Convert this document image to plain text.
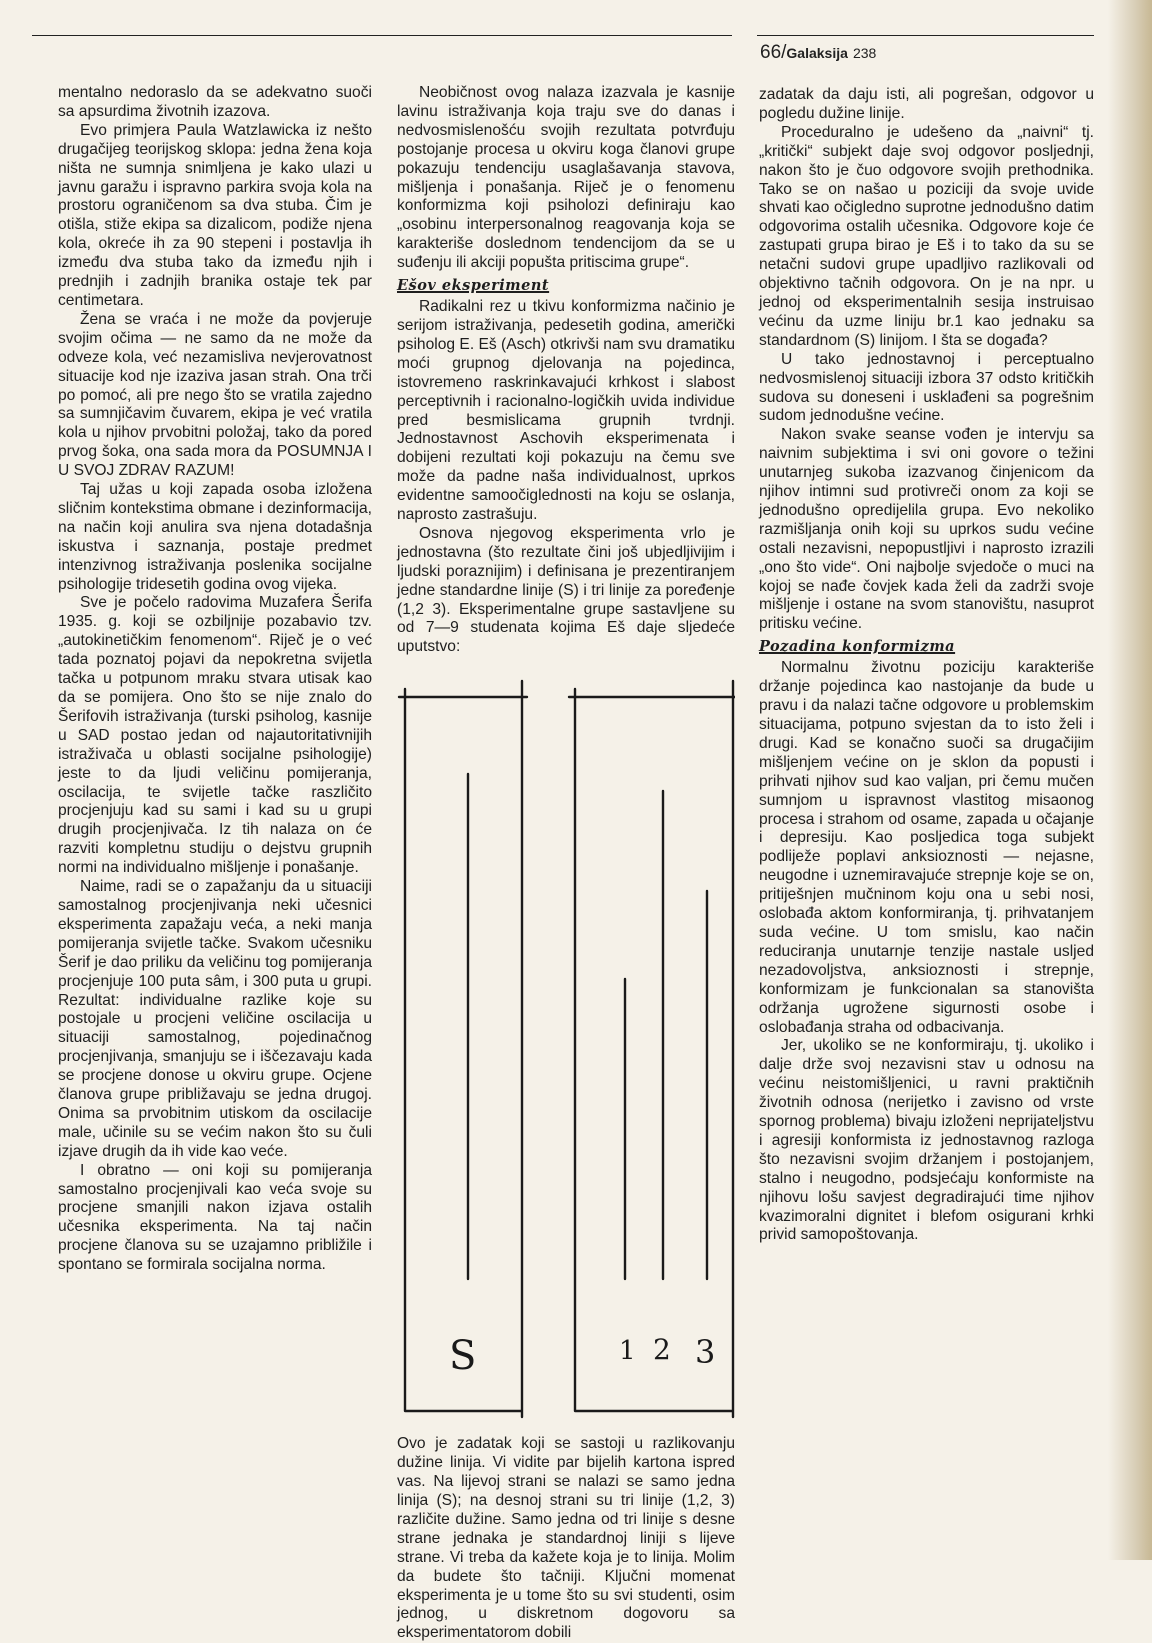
66/Galaksija 238

mentalno nedoraslo da se adekvatno suoči sa apsurdima životnih izazova.

Evo primjera Paula Watzlawicka iz nešto drugačijeg teorijskog sklopa: jedna žena koja ništa ne sumnja snimljena je kako ulazi u javnu garažu i ispravno parkira svoja kola na prostoru ograničenom sa dva stuba. Čim je otišla, stiže ekipa sa dizalicom, podiže njena kola, okreće ih za 90 stepeni i postavlja ih između dva stuba tako da između njih i prednjih i zadnjih branika ostaje tek par centimetara.

Žena se vraća i ne može da povjeruje svojim očima — ne samo da ne može da odveze kola, već nezamisliva nevjerovatnost situacije kod nje izaziva jasan strah. Ona trči po pomoć, ali pre nego što se vratila zajedno sa sumnjičavim čuvarem, ekipa je već vratila kola u njihov prvobitni položaj, tako da pored prvog šoka, ona sada mora da POSUMNJA I U SVOJ ZDRAV RAZUM!

Taj užas u koji zapada osoba izložena sličnim kontekstima obmane i dezinformacija, na način koji anulira sva njena dotadašnja iskustva i saznanja, postaje predmet intenzivnog istraživanja poslenika socijalne psihologije tridesetih godina ovog vijeka.

Sve je počelo radovima Muzafera Šerifa 1935. g. koji se ozbiljnije pozabavio tzv. „autokinetičkim fenomenom“. Riječ je o već tada poznatoj pojavi da nepokretna svijetla tačka u potpunom mraku stvara utisak kao da se pomijera. Ono što se nije znalo do Šerifovih istraživanja (turski psiholog, kasnije u SAD postao jedan od najautoritativnijih istraživača u oblasti socijalne psihologije) jeste to da ljudi veličinu pomijeranja, oscilacija, te svijetle tačke raszličito procjenjuju kad su sami i kad su u grupi drugih procjenjivača. Iz tih nalaza on će razviti kompletnu studiju o dejstvu grupnih normi na individualno mišljenje i ponašanje.

Naime, radi se o zapažanju da u situaciji samostalnog procjenjivanja neki učesnici eksperimenta zapažaju veća, a neki manja pomijeranja svijetle tačke. Svakom učesniku Šerif je dao priliku da veličinu tog pomijeranja procjenjuje 100 puta sâm, i 300 puta u grupi. Rezultat: individualne razlike koje su postojale u procjeni veličine oscilacija u situaciji samostalnog, pojedinačnog procjenjivanja, smanjuju se i iščezavaju kada se procjene donose u okviru grupe. Ocjene članova grupe približavaju se jedna drugoj. Onima sa prvobitnim utiskom da oscilacije male, učinile su se većim nakon što su čuli izjave drugih da ih vide kao veće.

I obratno — oni koji su pomijeranja samostalno procjenjivali kao veća svoje su procjene smanjili nakon izjava ostalih učesnika eksperimenta. Na taj način procjene članova su se uzajamno približile i spontano se formirala socijalna norma.

Neobičnost ovog nalaza izazvala je kasnije lavinu istraživanja koja traju sve do danas i nedvosmislenošću svojih rezultata potvrđuju postojanje procesa u okviru koga članovi grupe pokazuju tendenciju usaglašavanja stavova, mišljenja i ponašanja. Riječ je o fenomenu konformizma koji psiholozi definiraju kao „osobinu interpersonalnog reagovanja koja se karakteriše doslednom tendencijom da se u suđenju ili akciji popušta pritiscima grupe“.

Ešov eksperiment

Radikalni rez u tkivu konformizma načinio je serijom istraživanja, pedesetih godina, američki psiholog E. Eš (Asch) otkrivši nam svu dramatiku moći grupnog djelovanja na pojedinca, istovremeno raskrinkavajući krhkost i slabost perceptivnih i racionalno-logičkih uvida individue pred besmislicama grupnih tvrdnji. Jednostavnost Aschovih eksperimenata i dobijeni rezultati koji pokazuju na čemu sve može da padne naša individualnost, uprkos evidentne samoočiglednosti na koju se oslanja, naprosto zastrašuju.

Osnova njegovog eksperimenta vrlo je jednostavna (što rezultate čini još ubjedljivijim i ljudski poraznijim) i definisana je prezentiranjem jedne standardne linije (S) i tri linije za poređenje (1,2 3). Eksperimentalne grupe sastavljene su od 7—9 studenata kojima Eš daje sljedeće uputstvo:

S	1 2 3

Ovo je zadatak koji se sastoji u razlikovanju dužine linija. Vi vidite par bijelih kartona ispred vas. Na lijevoj strani se nalazi se samo jedna linija (S); na desnoj strani su tri linije (1,2, 3) različite dužine. Samo jedna od tri linije s desne strane jednaka je standardnoj liniji s lijeve strane. Vi treba da kažete koja je to linija. Molim da budete što tačniji. Ključni momenat eksperimenta je u tome što su svi studenti, osim jednog, u diskretnom dogovoru sa eksperimentatorom dobili

zadatak da daju isti, ali pogrešan, odgovor u pogledu dužine linije.

Proceduralno je udešeno da „naivni“ tj. „kritički“ subjekt daje svoj odgovor posljednji, nakon što je čuo odgovore svojih prethodnika. Tako se on našao u poziciji da svoje uvide shvati kao očigledno suprotne jednodušno datim odgovorima ostalih učesnika. Odgovore koje će zastupati grupa birao je Eš i to tako da su se netačni sudovi grupe upadljivo razlikovali od objektivno tačnih odgovora. On je na npr. u jednoj od eksperimentalnih sesija instruisao većinu da uzme liniju br.1 kao jednaku sa standardnom (S) linijom. I šta se događa?

U tako jednostavnoj i perceptualno nedvosmislenoj situaciji izbora 37 odsto kritičkih sudova su doneseni i usklađeni sa pogrešnim sudom jednodušne većine.

Nakon svake seanse vođen je intervju sa naivnim subjektima i svi oni govore o težini unutarnjeg sukoba izazvanog činjenicom da njihov intimni sud protivreči onom za koji se jednodušno opredijelila grupa. Evo nekoliko razmišljanja onih koji su uprkos sudu većine ostali nezavisni, nepopustljivi i naprosto izrazili „ono što vide“. Oni najbolje svjedoče o muci na kojoj se nađe čovjek kada želi da zadrži svoje mišljenje i ostane na svom stanovištu, nasuprot pritisku većine.

Pozadina konformizma

Normalnu životnu poziciju karakteriše držanje pojedinca kao nastojanje da bude u pravu i da nalazi tačne odgovore u problemskim situacijama, potpuno svjestan da to isto želi i drugi. Kad se konačno suoči sa drugačijim mišljenjem većine on je sklon da popusti i prihvati njihov sud kao valjan, pri čemu mučen sumnjom u ispravnost vlastitog misaonog procesa i strahom od osame, zapada u očajanje i depresiju. Kao posljedica toga subjekt podliježe poplavi anksioznosti — nejasne, neugodne i uznemiravajuće strepnje koje se on, pritiješnjen mučninom koju ona u sebi nosi, oslobađa aktom konformiranja, tj. prihvatanjem suda većine. U tom smislu, kao način reduciranja unutarnje tenzije nastale usljed nezadovoljstva, anksioznosti i strepnje, konformizam je funkcionalan sa stanovišta održanja ugrožene sigurnosti osobe i oslobađanja straha od odbacivanja.

Jer, ukoliko se ne konformiraju, tj. ukoliko i dalje drže svoj nezavisni stav u odnosu na većinu neistomišljenici, u ravni praktičnih životnih odnosa (nerijetko i zavisno od vrste spornog problema) bivaju izloženi neprijateljstvu i agresiji konformista iz jednostavnog razloga što nezavisni svojim držanjem i postojanjem, stalno i neugodno, podsjećaju konformiste na njihovu lošu savjest degradirajući time njihov kvazimoralni dignitet i blefom osigurani krhki privid samopoštovanja.
